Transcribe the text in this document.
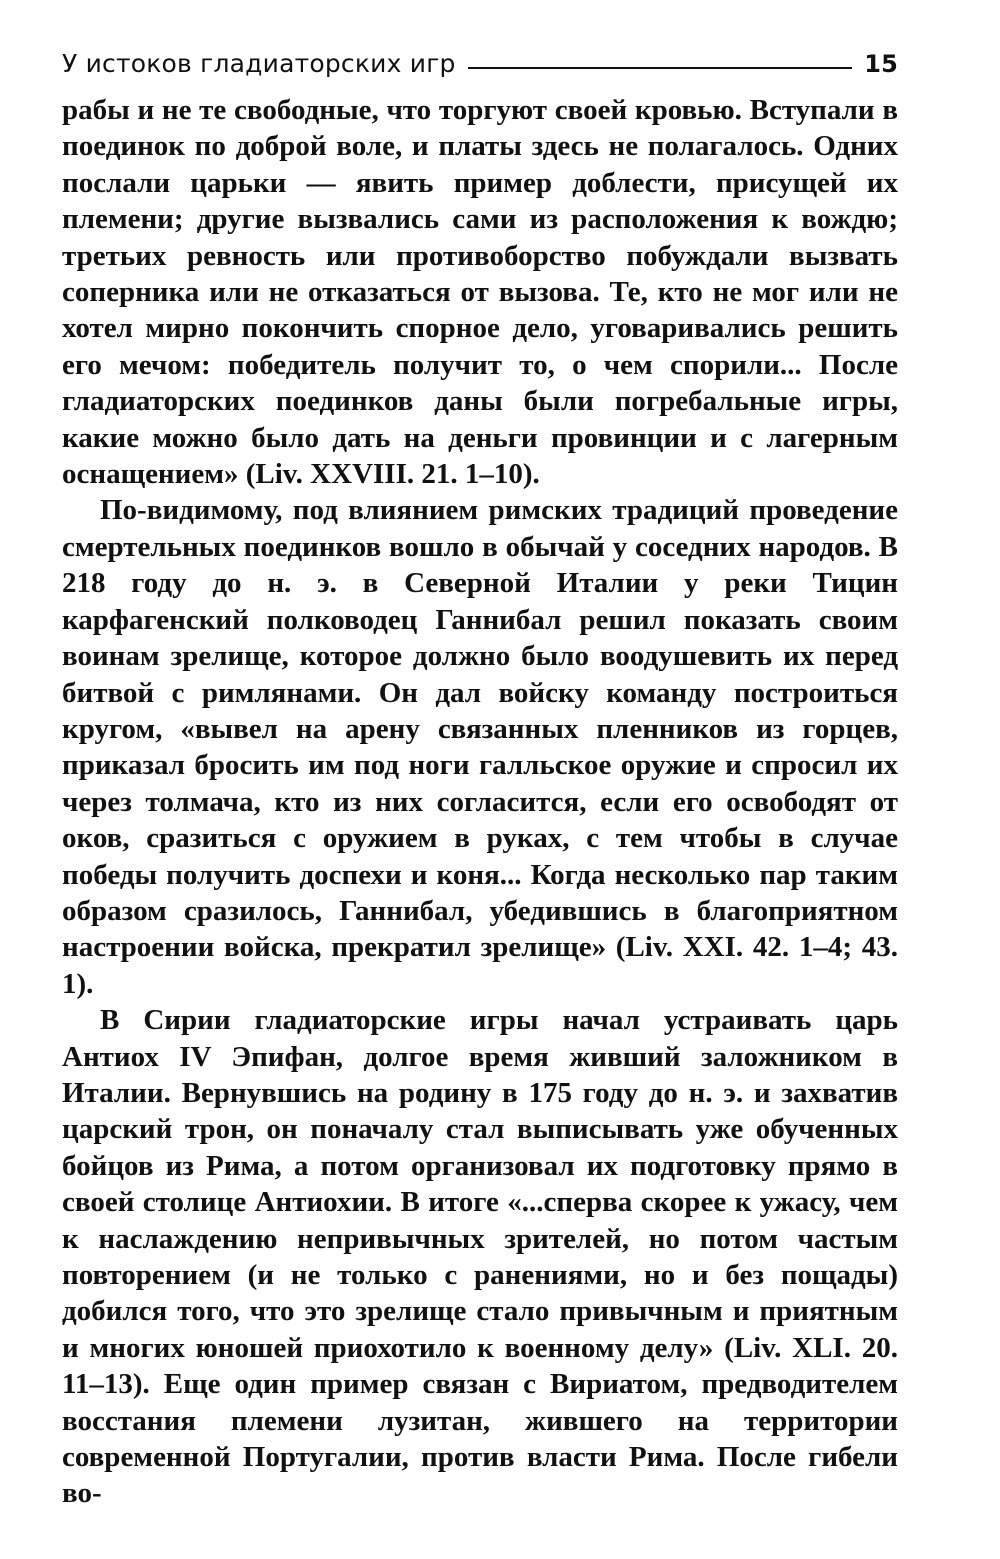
У истоков гладиаторских игр	15

рабы и не те свободные, что торгуют своей кровью. Вступали в поединок по доброй воле, и платы здесь не полагалось. Одних послали царьки — явить пример доблести, присущей их племени; другие вызвались сами из расположения к вождю; третьих ревность или противоборство побуждали вызвать соперника или не отказаться от вызова. Те, кто не мог или не хотел мирно покончить спорное дело, уговаривались решить его мечом: победитель получит то, о чем спорили... После гладиаторских поединков даны были погребальные игры, какие можно было дать на деньги провинции и с лагерным оснащением» (Liv. XXVIII. 21. 1–10).

По-видимому, под влиянием римских традиций проведение смертельных поединков вошло в обычай у соседних народов. В 218 году до н. э. в Северной Италии у реки Тицин карфагенский полководец Ганнибал решил показать своим воинам зрелище, которое должно было воодушевить их перед битвой с римлянами. Он дал войску команду построиться кругом, «вывел на арену связанных пленников из горцев, приказал бросить им под ноги галльское оружие и спросил их через толмача, кто из них согласится, если его освободят от оков, сразиться с оружием в руках, с тем чтобы в случае победы получить доспехи и коня... Когда несколько пар таким образом сразилось, Ганнибал, убедившись в благоприятном настроении войска, прекратил зрелище» (Liv. XXI. 42. 1–4; 43. 1).

В Сирии гладиаторские игры начал устраивать царь Антиох IV Эпифан, долгое время живший заложником в Италии. Вернувшись на родину в 175 году до н. э. и захватив царский трон, он поначалу стал выписывать уже обученных бойцов из Рима, а потом организовал их подготовку прямо в своей столице Антиохии. В итоге «...сперва скорее к ужасу, чем к наслаждению непривычных зрителей, но потом частым повторением (и не только с ранениями, но и без пощады) добился того, что это зрелище стало привычным и приятным и многих юношей приохотило к военному делу» (Liv. XLI. 20. 11–13). Еще один пример связан с Вириатом, предводителем восстания племени лузитан, жившего на территории современной Португалии, против власти Рима. После гибели во-
